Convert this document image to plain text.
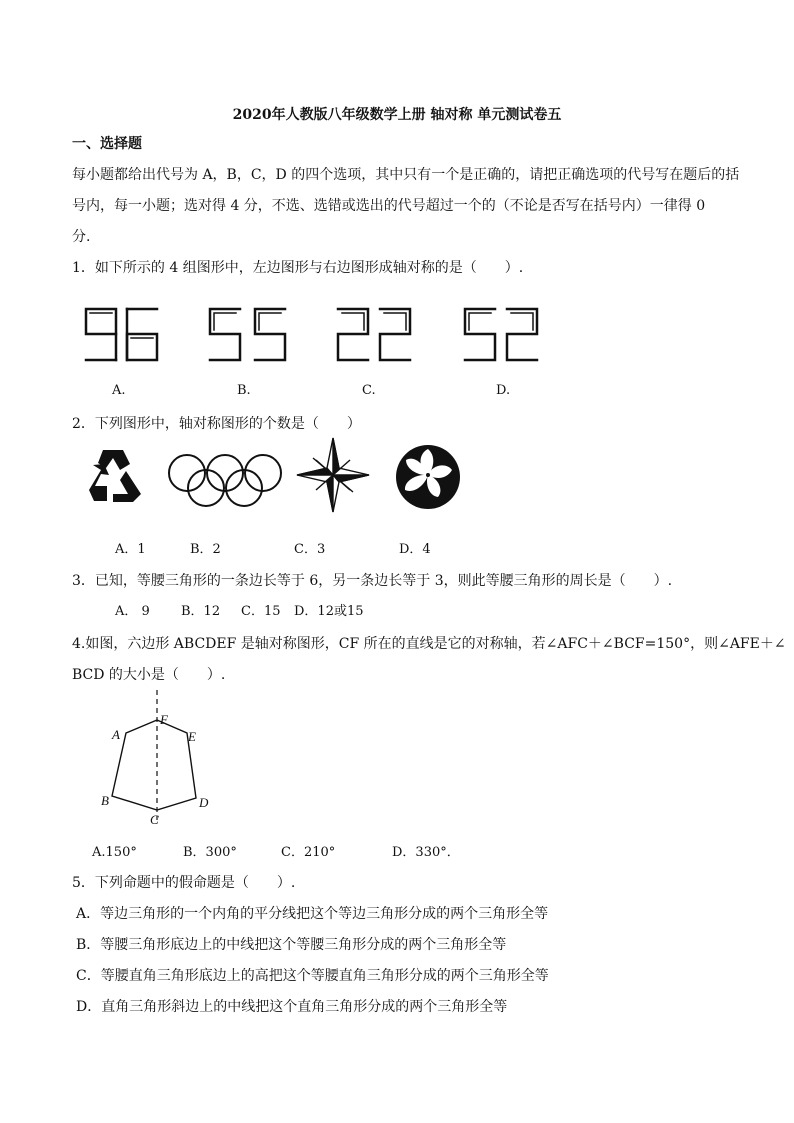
2020年人教版八年级数学上册 轴对称 单元测试卷五
一、选择题
每小题都给出代号为 A，B，C，D 的四个选项，其中只有一个是正确的，请把正确选项的代号写在题后的括
号内，每一小题；选对得 4 分，不选、选错或选出的代号超过一个的（不论是否写在括号内）一律得 0
分.
1．如下所示的 4 组图形中，左边图形与右边图形成轴对称的是（　　）.
A.	B.	C.	D.
2．下列图形中，轴对称图形的个数是（　　）
A．1	B．2	C．3	D．4
3．已知，等腰三角形的一条边长等于 6，另一条边长等于 3，则此等腰三角形的周长是（　　）.
A． 9 B．12 C．15 D．12或15
4.如图，六边形 ABCDEF 是轴对称图形，CF 所在的直线是它的对称轴，若∠AFC＋∠BCF=150°，则∠AFE＋∠
BCD 的大小是（　　）.
A
B
C
D
E
F
A.150°	B．300°	C．210°	D．330°．
5．下列命题中的假命题是（　　）.
A．等边三角形的一个内角的平分线把这个等边三角形分成的两个三角形全等
B．等腰三角形底边上的中线把这个等腰三角形分成的两个三角形全等
C．等腰直角三角形底边上的高把这个等腰直角三角形分成的两个三角形全等
D．直角三角形斜边上的中线把这个直角三角形分成的两个三角形全等
